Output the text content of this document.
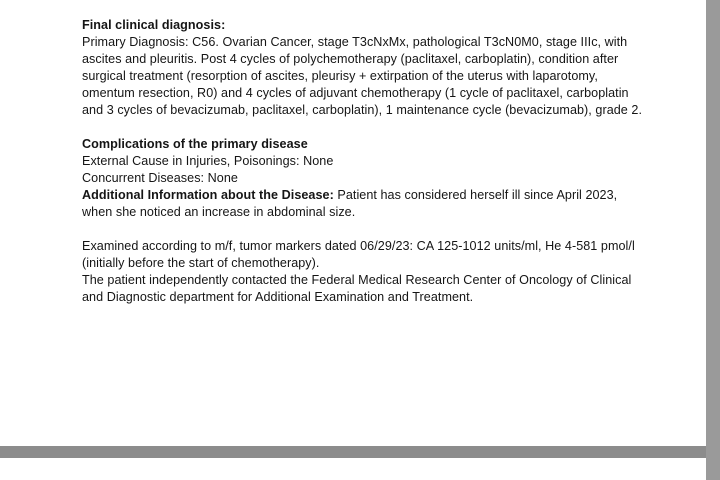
Final clinical diagnosis:

Primary Diagnosis: C56. Ovarian Cancer, stage T3cNxMx, pathological T3cN0M0, stage IIIc, with ascites and pleuritis. Post 4 cycles of polychemotherapy (paclitaxel, carboplatin), condition after surgical treatment (resorption of ascites, pleurisy + extirpation of the uterus with laparotomy, omentum resection, R0) and 4 cycles of adjuvant chemotherapy (1 cycle of paclitaxel, carboplatin and 3 cycles of bevacizumab, paclitaxel, carboplatin), 1 maintenance cycle (bevacizumab), grade 2.

Complications of the primary disease

External Cause in Injuries, Poisonings: None

Concurrent Diseases: None

Additional Information about the Disease: Patient has considered herself ill since April 2023, when she noticed an increase in abdominal size.

Examined according to m/f, tumor markers dated 06/29/23: CA 125-1012 units/ml, He 4-581 pmol/l (initially before the start of chemotherapy).

The patient independently contacted the Federal Medical Research Center of Oncology of Clinical and Diagnostic department for Additional Examination and Treatment.
